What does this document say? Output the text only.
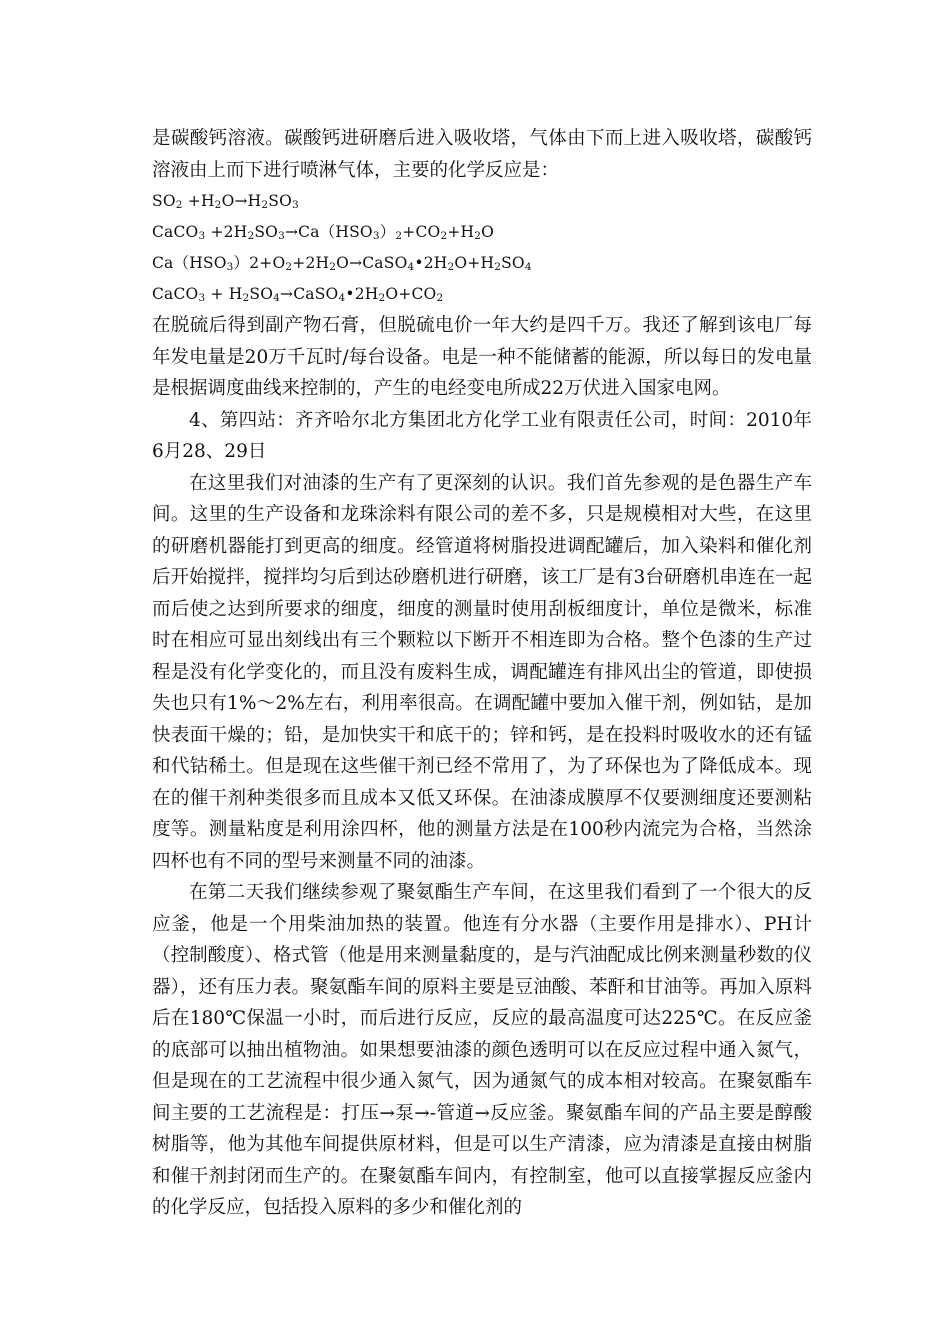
是碳酸钙溶液。碳酸钙进研磨后进入吸收塔，气体由下而上进入吸收塔，碳酸钙溶液由上而下进行喷淋气体，主要的化学反应是：

$SO_2 +H_2O\to H_2SO_3$
CaCO$_3$ $+2H_2SO_3\to Ca(HSO_3)_2+CO_2+H_2O$
$Ca(HSO_3)2+O_2+2H_2O\to CaSO_4•2H_2O+H_2SO_4$
CaCO$_3$ + $H_2SO_4\to CaSO_4•2H_2O+CO_2$

在脱硫后得到副产物石膏，但脱硫电价一年大约是四千万。我还了解到该电厂每年发电量是20万千瓦时/每台设备。电是一种不能储蓄的能源，所以每日的发电量是根据调度曲线来控制的，产生的电经变电所成22万伏进入国家电网。

4、第四站：齐齐哈尔北方集团北方化学工业有限责任公司，时间：2010年6月28、29日

在这里我们对油漆的生产有了更深刻的认识。我们首先参观的是色器生产车间。这里的生产设备和龙珠涂料有限公司的差不多，只是规模相对大些，在这里的研磨机器能打到更高的细度。经管道将树脂投进调配罐后，加入染料和催化剂后开始搅拌，搅拌均匀后到达砂磨机进行研磨，该工厂是有3台研磨机串连在一起而后使之达到所要求的细度，细度的测量时使用刮板细度计，单位是微米，标准时在相应可显出刻线出有三个颗粒以下断开不相连即为合格。整个色漆的生产过程是没有化学变化的，而且没有废料生成，调配罐连有排风出尘的管道，即使损失也只有1%～2%左右，利用率很高。在调配罐中要加入催干剂，例如钴，是加快表面干燥的；铅，是加快实干和底干的；锌和钙，是在投料时吸收水的还有锰和代钴稀土。但是现在这些催干剂已经不常用了，为了环保也为了降低成本。现在的催干剂种类很多而且成本又低又环保。在油漆成膜厚不仅要测细度还要测粘度等。测量粘度是利用涂四杯，他的测量方法是在100秒内流完为合格，当然涂四杯也有不同的型号来测量不同的油漆。

在第二天我们继续参观了聚氨酯生产车间，在这里我们看到了一个很大的反应釜，他是一个用柴油加热的装置。他连有分水器（主要作用是排水）、PH计（控制酸度）、格式管（他是用来测量黏度的，是与汽油配成比例来测量秒数的仪器），还有压力表。聚氨酯车间的原料主要是豆油酸、苯酐和甘油等。再加入原料后在180℃保温一小时，而后进行反应，反应的最高温度可达225℃。在反应釜的底部可以抽出植物油。如果想要油漆的颜色透明可以在反应过程中通入氮气，但是现在的工艺流程中很少通入氮气，因为通氮气的成本相对较高。在聚氨酯车间主要的工艺流程是：打压→泵→-管道→反应釜。聚氨酯车间的产品主要是醇酸树脂等，他为其他车间提供原材料，但是可以生产清漆，应为清漆是直接由树脂和催干剂封闭而生产的。在聚氨酯车间内，有控制室，他可以直接掌握反应釜内的化学反应，包括投入原料的多少和催化剂的
